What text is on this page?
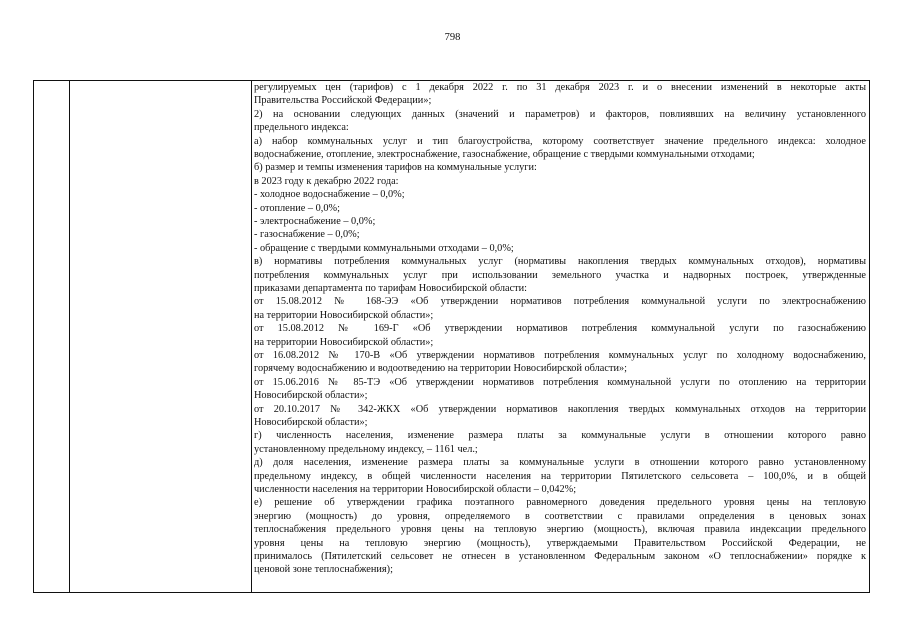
798
регулируемых цен (тарифов) с 1 декабря 2022 г. по 31 декабря 2023 г. и о внесении изменений в некоторые акты
Правительства Российской Федерации»;
2) на основании следующих данных (значений и параметров) и факторов, повлиявших на величину установленного
предельного индекса:
а) набор коммунальных услуг и тип благоустройства, которому соответствует значение предельного индекса: холодное
водоснабжение, отопление, электроснабжение, газоснабжение, обращение с твердыми коммунальными отходами;
б) размер и темпы изменения тарифов на коммунальные услуги:
в 2023 году к декабрю 2022 года:
- холодное водоснабжение – 0,0%;
- отопление – 0,0%;
- электроснабжение – 0,0%;
- газоснабжение – 0,0%;
- обращение с твердыми коммунальными отходами – 0,0%;
в) нормативы потребления коммунальных услуг (нормативы накопления твердых коммунальных отходов), нормативы
потребления коммунальных услуг при использовании земельного участка и надворных построек, утвержденные
приказами департамента по тарифам Новосибирской области:
от 15.08.2012 № 168-ЭЭ «Об утверждении нормативов потребления коммунальной услуги по электроснабжению
на территории Новосибирской области»;
от 15.08.2012 № 169-Г «Об утверждении нормативов потребления коммунальной услуги по газоснабжению
на территории Новосибирской области»;
от 16.08.2012 № 170-В «Об утверждении нормативов потребления коммунальных услуг по холодному водоснабжению,
горячему водоснабжению и водоотведению на территории Новосибирской области»;
от 15.06.2016 № 85-ТЭ «Об утверждении нормативов потребления коммунальной услуги по отоплению на территории
Новосибирской области»;
от 20.10.2017 № 342-ЖКХ «Об утверждении нормативов накопления твердых коммунальных отходов на территории
Новосибирской области»;
г) численность населения, изменение размера платы за коммунальные услуги в отношении которого равно
установленному предельному индексу, – 1161 чел.;
д) доля населения, изменение размера платы за коммунальные услуги в отношении которого равно установленному
предельному индексу, в общей численности населения на территории Пятилетского сельсовета – 100,0%, и в общей
численности населения на территории Новосибирской области – 0,042%;
е) решение об утверждении графика поэтапного равномерного доведения предельного уровня цены на тепловую
энергию (мощность) до уровня, определяемого в соответствии с правилами определения в ценовых зонах
теплоснабжения предельного уровня цены на тепловую энергию (мощность), включая правила индексации предельного
уровня цены на тепловую энергию (мощность), утверждаемыми Правительством Российской Федерации, не
принималось (Пятилетский сельсовет не отнесен в установленном Федеральным законом «О теплоснабжении» порядке к
ценовой зоне теплоснабжения);
